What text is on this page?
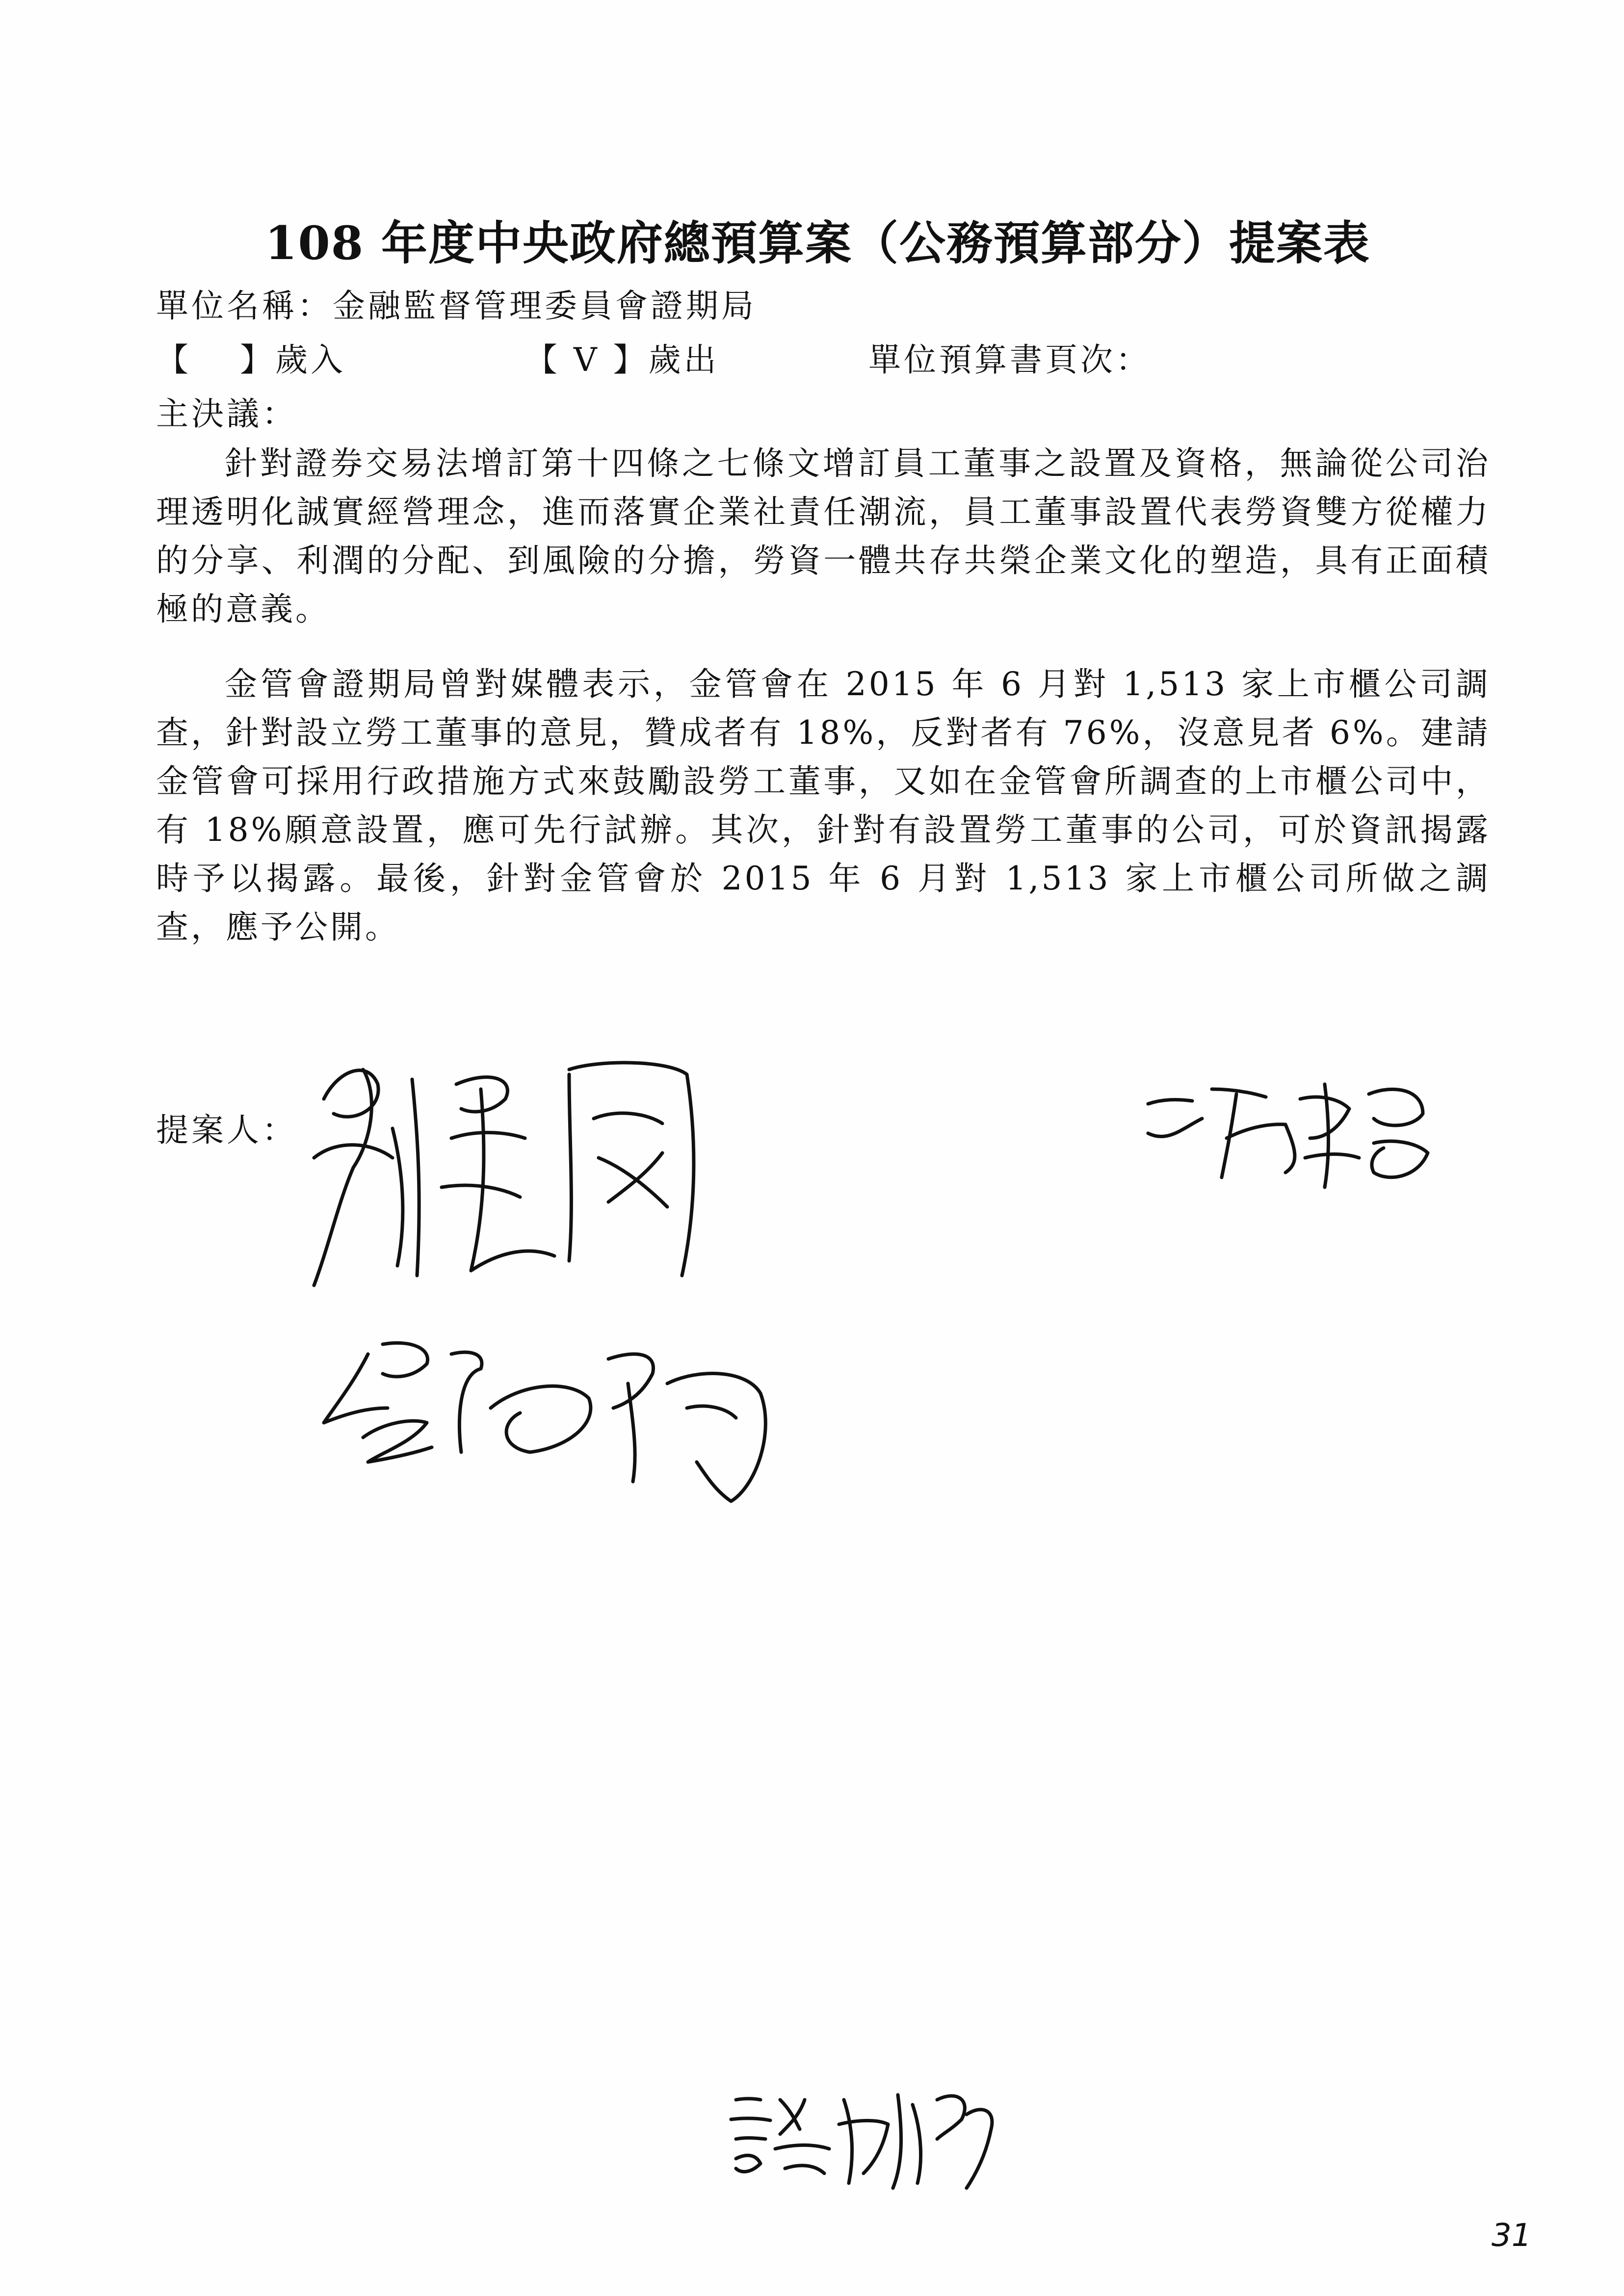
108 年度中央政府總預算案（公務預算部分）提案表
單位名稱：金融監督管理委員會證期局
【　 】歲入	【 V 】歲出	單位預算書頁次：
主決議：

針對證券交易法增訂第十四條之七條文增訂員工董事之設置及資格，無論從公司治理透明化誠實經營理念，進而落實企業社責任潮流，員工董事設置代表勞資雙方從權力的分享、利潤的分配、到風險的分擔，勞資一體共存共榮企業文化的塑造，具有正面積極的意義。

金管會證期局曾對媒體表示，金管會在 2015 年 6 月對 1,513 家上市櫃公司調查，針對設立勞工董事的意見，贊成者有 18%，反對者有 76%，沒意見者 6%。建請金管會可採用行政措施方式來鼓勵設勞工董事，又如在金管會所調查的上市櫃公司中，有 18%願意設置，應可先行試辦。其次，針對有設置勞工董事的公司，可於資訊揭露時予以揭露。最後，針對金管會於 2015 年 6 月對 1,513 家上市櫃公司所做之調查，應予公開。

提案人：
31
